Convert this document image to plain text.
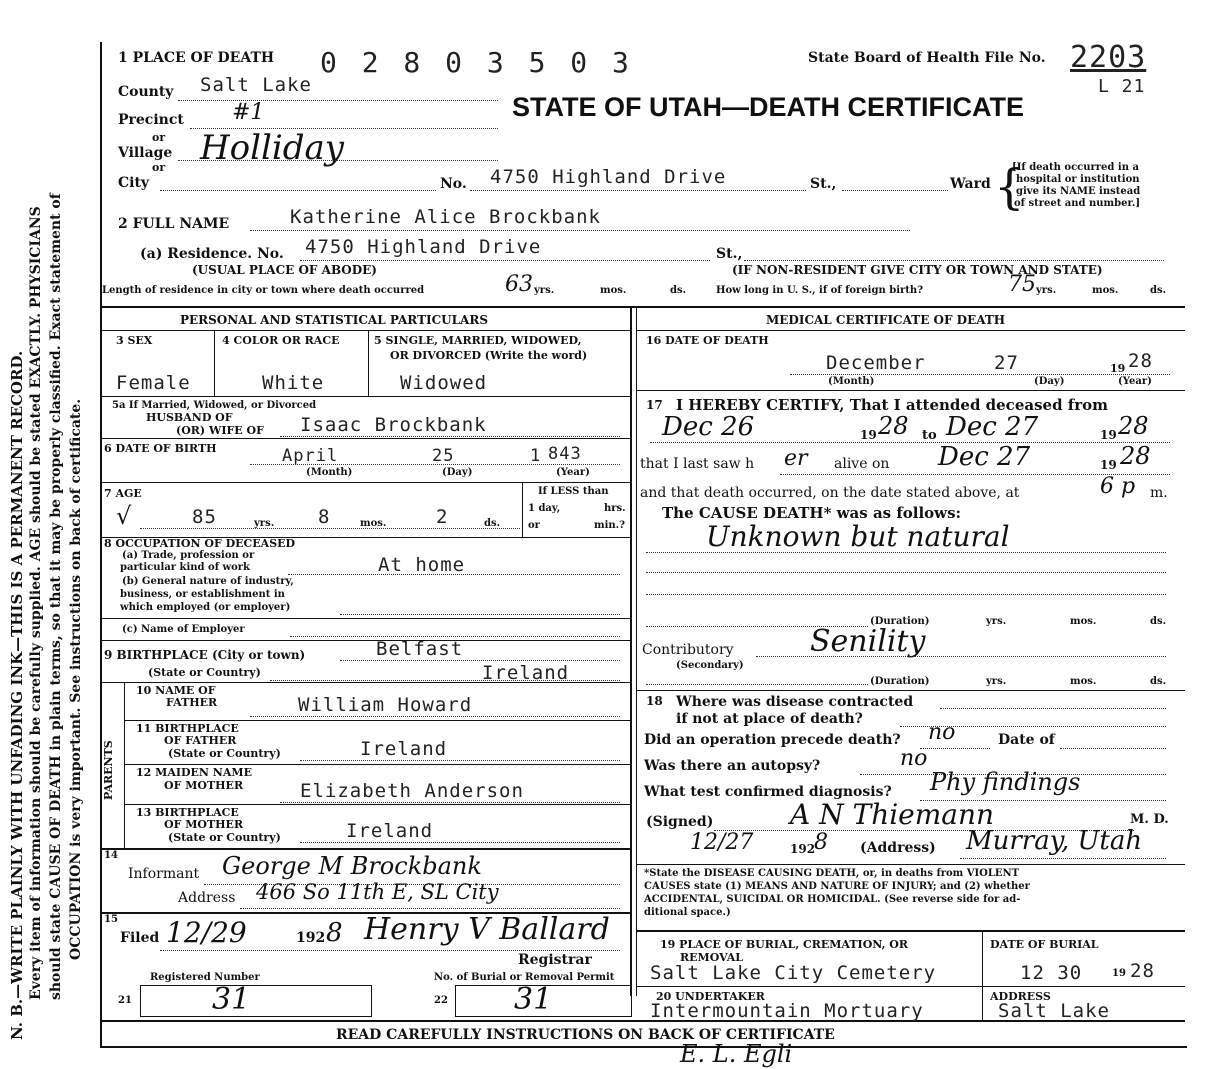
N. B.—WRITE PLAINLY WITH UNFADING INK—THIS IS A PERMANENT RECORD. Every item of information should be carefully supplied. AGE should be stated EXACTLY. PHYSICIANS should state CAUSE OF DEATH in plain terms, so that it may be properly classified. Exact statement of OCCUPATION is very important. See instructions on back of certificate.
1 PLACE OF DEATH 0 2 8 0 3 5 0 3	State Board of Health File No. 2203
L 21
STATE OF UTAH—DEATH CERTIFICATE
County Salt Lake
Precinct #1
or
Village Holliday
or
City	No. 4750 Highland Drive	St.,	Ward {
[If death occurred in a
hospital or institution
give its NAME instead
of street and number.]
2 FULL NAME	Katherine Alice Brockbank
(a) Residence. No. 4750 Highland Drive	St.,
(USUAL PLACE OF ABODE)	(IF NON-RESIDENT GIVE CITY OR TOWN AND STATE)
Length of residence in city or town where death occurred	63 yrs.	mos.	ds.	How long in U. S., if of foreign birth?	75 yrs.	mos.	ds.
PERSONAL AND STATISTICAL PARTICULARS
3 SEX	4 COLOR OR RACE	5 SINGLE, MARRIED, WIDOWED,
OR DIVORCED (Write the word)
Female	White	Widowed
5a If Married, Widowed, or Divorced
HUSBAND OF
(OR) WIFE OF Isaac Brockbank
6 DATE OF BIRTH	April	25	1 843
(Month)	(Day)	(Year)
7 AGE
√	85	yrs. 8	mos.	2	ds.
If LESS than
1 day,	hrs.
or	min.?
8 OCCUPATION OF DECEASED
(a) Trade, profession or
particular kind of work	At home
(b) General nature of industry,
business, or establishment in
which employed (or employer)
(c) Name of Employer
9 BIRTHPLACE (City or town)	Belfast
(State or Country)	Ireland
PARENTS
10 NAME OF
FATHER	William Howard
11 BIRTHPLACE
OF FATHER
(State or Country)	Ireland
12 MAIDEN NAME
OF MOTHER	Elizabeth Anderson
13 BIRTHPLACE
OF MOTHER
(State or Country)	Ireland
14
Informant George M Brockbank
Address 466 So 11th E, SL City
15
Filed 12/29	192 8 Henry V Ballard
Registrar
Registered Number	No. of Burial or Removal Permit
21	31	22 31
MEDICAL CERTIFICATE OF DEATH
16 DATE OF DEATH
December	27	19 28
(Month)	(Day)	(Year)
17 I HEREBY CERTIFY, That I attended deceased from
Dec 26	19 28 to Dec 27	19 28
that I last saw h er alive on Dec 27	19 28
and that death occurred, on the date stated above, at	6 p m.
The CAUSE DEATH* was as follows:
Unknown but natural
(Duration)	yrs.	mos.	ds.
Contributory
(Secondary)
Senility
(Duration)	yrs.	mos.	ds.
18 Where was disease contracted
if not at place of death?
Did an operation precede death? no	Date of
Was there an autopsy?	no
What test confirmed diagnosis? Phy findings
(Signed)	A N Thiemann	M. D.
12/27	192
8 (Address) Murray, Utah
*State the DISEASE CAUSING DEATH, or, in deaths from VIOLENT
CAUSES state (1) MEANS AND NATURE OF INJURY; and (2) whether
ACCIDENTAL, SUICIDAL OR HOMICIDAL. (See reverse side for ad-
ditional space.)
19 PLACE OF BURIAL, CREMATION, OR
REMOVAL
Salt Lake City Cemetery
DATE OF BURIAL
12 30	19 28
20 UNDERTAKER
Intermountain Mortuary
ADDRESS
Salt Lake
READ CAREFULLY INSTRUCTIONS ON BACK OF CERTIFICATE
E. L. Egli
